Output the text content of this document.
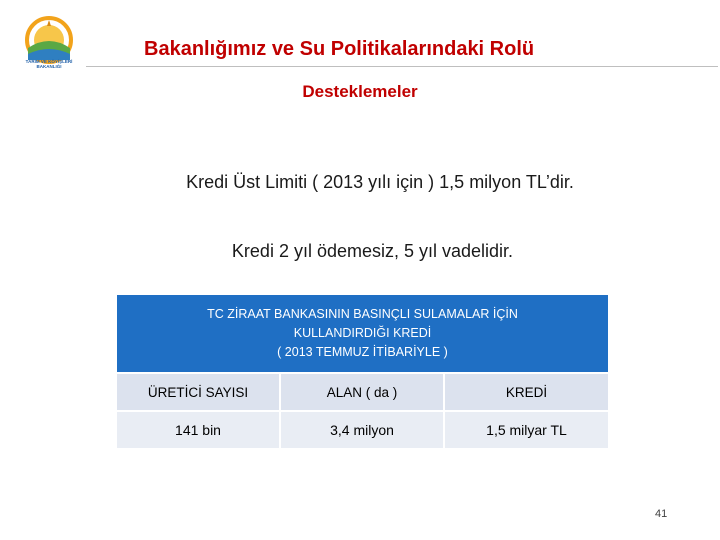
TARIM VE KÖYİŞLERİ BAKANLIĞI
Bakanlığımız ve Su Politikalarındaki Rolü
Desteklemeler
Kredi Üst Limiti ( 2013 yılı için ) 1,5 milyon TL’dir.
Kredi 2 yıl ödemesiz, 5 yıl vadelidir.
TC ZİRAAT BANKASININ BASINÇLI SULAMALAR İÇİN
KULLANDIRDIĞI KREDİ
( 2013 TEMMUZ İTİBARİYLE )
ÜRETİCİ SAYISI	ALAN ( da )	KREDİ
141 bin	3,4 milyon	1,5 milyar TL
41
